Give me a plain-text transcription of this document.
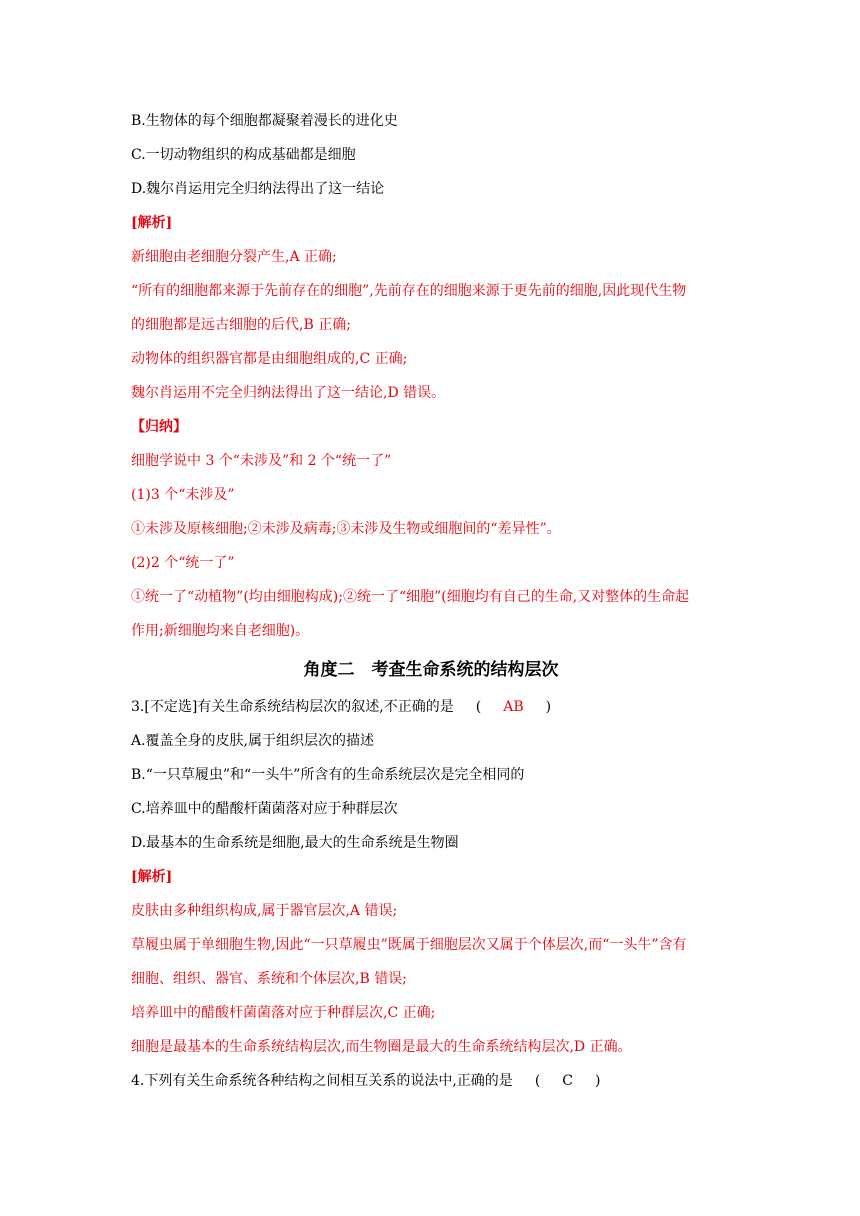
B.生物体的每个细胞都凝聚着漫长的进化史
C.一切动物组织的构成基础都是细胞
D.魏尔肖运用完全归纳法得出了这一结论
[解析]
新细胞由老细胞分裂产生,A 正确;
“所有的细胞都来源于先前存在的细胞”,先前存在的细胞来源于更先前的细胞,因此现代生物
的细胞都是远古细胞的后代,B 正确;
动物体的组织器官都是由细胞组成的,C 正确;
魏尔肖运用不完全归纳法得出了这一结论,D 错误。
【归纳】
细胞学说中 3 个“未涉及”和 2 个“统一了”
(1)3 个“未涉及”
①未涉及原核细胞;②未涉及病毒;③未涉及生物或细胞间的“差异性”。
(2)2 个“统一了”
①统一了“动植物”(均由细胞构成);②统一了“细胞”(细胞均有自己的生命,又对整体的生命起
作用;新细胞均来自老细胞)。
角度二　考查生命系统的结构层次
3.[不定选]有关生命系统结构层次的叙述,不正确的是 ( AB )
A.覆盖全身的皮肤,属于组织层次的描述
B.“一只草履虫”和“一头牛”所含有的生命系统层次是完全相同的
C.培养皿中的醋酸杆菌菌落对应于种群层次
D.最基本的生命系统是细胞,最大的生命系统是生物圈
[解析]
皮肤由多种组织构成,属于器官层次,A 错误;
草履虫属于单细胞生物,因此“一只草履虫”既属于细胞层次又属于个体层次,而“一头牛”含有
细胞、组织、器官、系统和个体层次,B 错误;
培养皿中的醋酸杆菌菌落对应于种群层次,C 正确;
细胞是最基本的生命系统结构层次,而生物圈是最大的生命系统结构层次,D 正确。
4.下列有关生命系统各种结构之间相互关系的说法中,正确的是 ( C )
